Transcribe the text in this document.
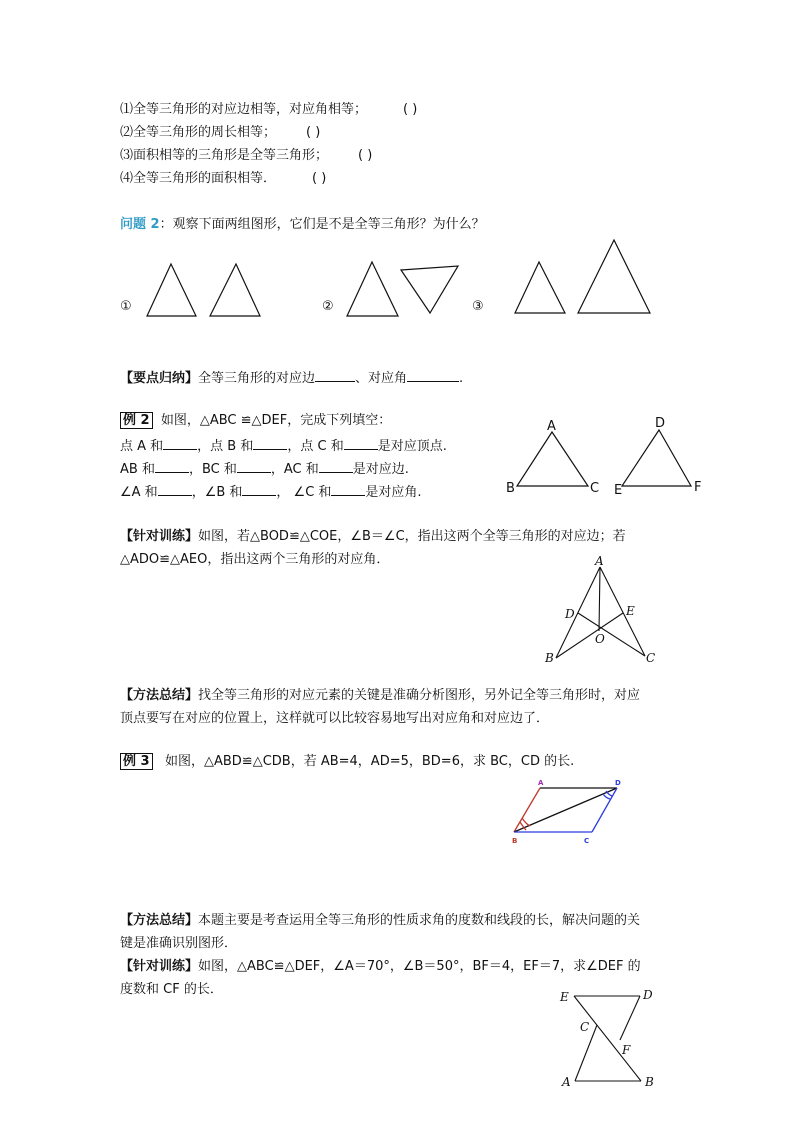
⑴全等三角形的对应边相等，对应角相等；	( )
⑵全等三角形的周长相等； ( )
⑶面积相等的三角形是全等三角形； ( )
⑷全等三角形的面积相等．	( )
问题 2：观察下面两组图形，它们是不是全等三角形？为什么？
①	②	③
【要点归纳】全等三角形的对应边	、对应角	.
例 2 如图，△ABC ≌△DEF，完成下列填空：
点 A 和	，点 B 和	，点 C 和	是对应顶点.
AB 和	，BC 和	，AC 和	是对应边.
∠A 和	，∠B 和	， ∠C 和	是对应角.
A
B	C
D
E	F
【针对训练】如图，若△BOD≌△COE，∠B＝∠C，指出这两个全等三角形的对应边；若
△ADO≌△AEO，指出这两个三角形的对应角．	A
B	C
D	E
O
【方法总结】找全等三角形的对应元素的关键是准确分析图形，另外记全等三角形时，对应
顶点要写在对应的位置上，这样就可以比较容易地写出对应角和对应边了．
例 3 如图，△ABD≌△CDB，若 AB=4，AD=5，BD=6，求 BC，CD 的长.
A
B	C
D
【方法总结】本题主要是考查运用全等三角形的性质求角的度数和线段的长，解决问题的关
键是准确识别图形．
【针对训练】如图，△ABC≌△DEF，∠A＝70°，∠B＝50°，BF＝4，EF＝7，求∠DEF 的
度数和 CF 的长．	E	D
C
F
A	B
